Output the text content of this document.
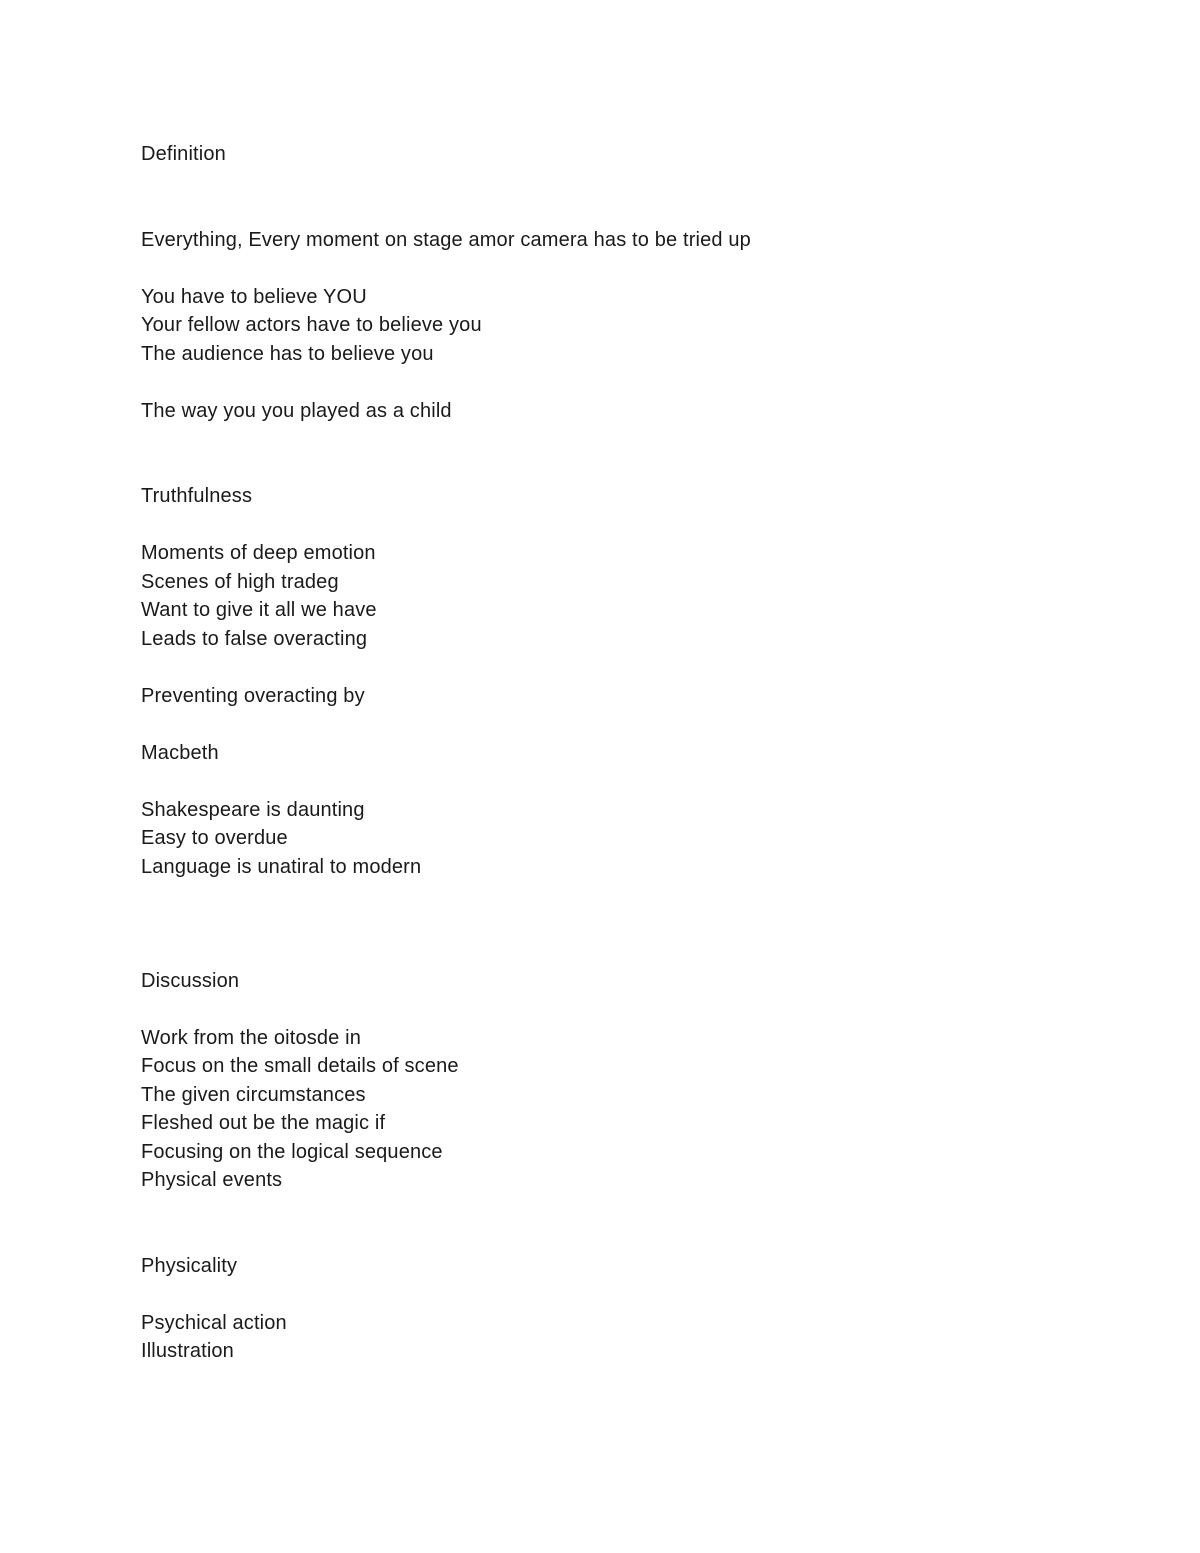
Definition
Everything, Every moment on stage amor camera has to be tried up
You have to believe YOU
Your fellow actors have to believe you
The audience has to believe you
The way you you played as a child
Truthfulness
Moments of deep emotion
Scenes of high tradeg
Want to give it all we have
Leads to false overacting
Preventing overacting by
Macbeth
Shakespeare is daunting
Easy to overdue
Language is unatiral to modern
Discussion
Work from the oitosde in
Focus on the small details of scene
The given circumstances
Fleshed out be the magic if
Focusing on the logical sequence
Physical events
Physicality
Psychical action
Illustration
